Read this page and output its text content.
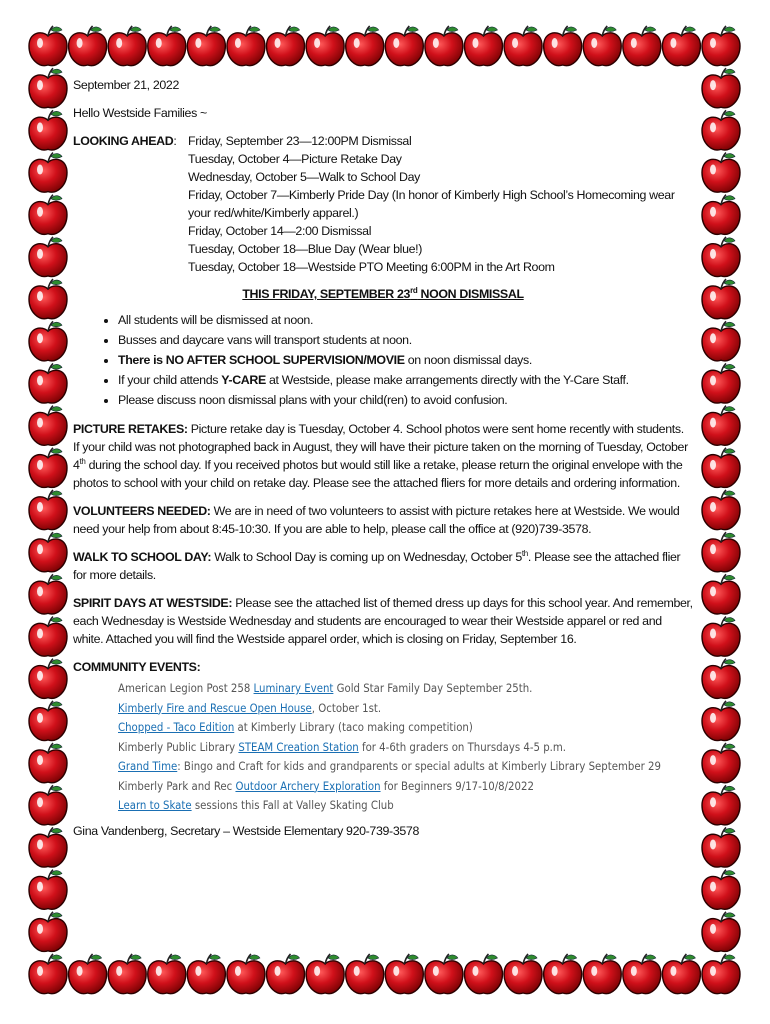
September 21, 2022

Hello Westside Families ~

LOOKING AHEAD: Friday, September 23—12:00PM Dismissal
Tuesday, October 4—Picture Retake Day
Wednesday, October 5—Walk to School Day
Friday, October 7—Kimberly Pride Day (In honor of Kimberly High School’s Homecoming wear your red/white/Kimberly apparel.)
Friday, October 14—2:00 Dismissal
Tuesday, October 18—Blue Day (Wear blue!)
Tuesday, October 18—Westside PTO Meeting 6:00PM in the Art Room
THIS FRIDAY, SEPTEMBER 23rd NOON DISMISSAL
• All students will be dismissed at noon.
• Busses and daycare vans will transport students at noon.
• There is NO AFTER SCHOOL SUPERVISION/MOVIE on noon dismissal days.
• If your child attends Y-CARE at Westside, please make arrangements directly with the Y-Care Staff.
• Please discuss noon dismissal plans with your child(ren) to avoid confusion.

PICTURE RETAKES: Picture retake day is Tuesday, October 4. School photos were sent home recently with students. If your child was not photographed back in August, they will have their picture taken on the morning of Tuesday, October 4th during the school day. If you received photos but would still like a retake, please return the original envelope with the photos to school with your child on retake day. Please see the attached fliers for more details and ordering information.

VOLUNTEERS NEEDED: We are in need of two volunteers to assist with picture retakes here at Westside. We would need your help from about 8:45-10:30. If you are able to help, please call the office at (920)739-3578.

WALK TO SCHOOL DAY: Walk to School Day is coming up on Wednesday, October 5th. Please see the attached flier for more details.

SPIRIT DAYS AT WESTSIDE: Please see the attached list of themed dress up days for this school year. And remember, each Wednesday is Westside Wednesday and students are encouraged to wear their Westside apparel or red and white. Attached you will find the Westside apparel order, which is closing on Friday, September 16.

COMMUNITY EVENTS:

American Legion Post 258 Luminary Event Gold Star Family Day September 25th.
Kimberly Fire and Rescue Open House, October 1st.
Chopped - Taco Edition at Kimberly Library (taco making competition)
Kimberly Public Library STEAM Creation Station for 4-6th graders on Thursdays 4-5 p.m.
Grand Time: Bingo and Craft for kids and grandparents or special adults at Kimberly Library September 29
Kimberly Park and Rec Outdoor Archery Exploration for Beginners 9/17-10/8/2022
Learn to Skate sessions this Fall at Valley Skating Club

Gina Vandenberg, Secretary – Westside Elementary 920-739-3578
